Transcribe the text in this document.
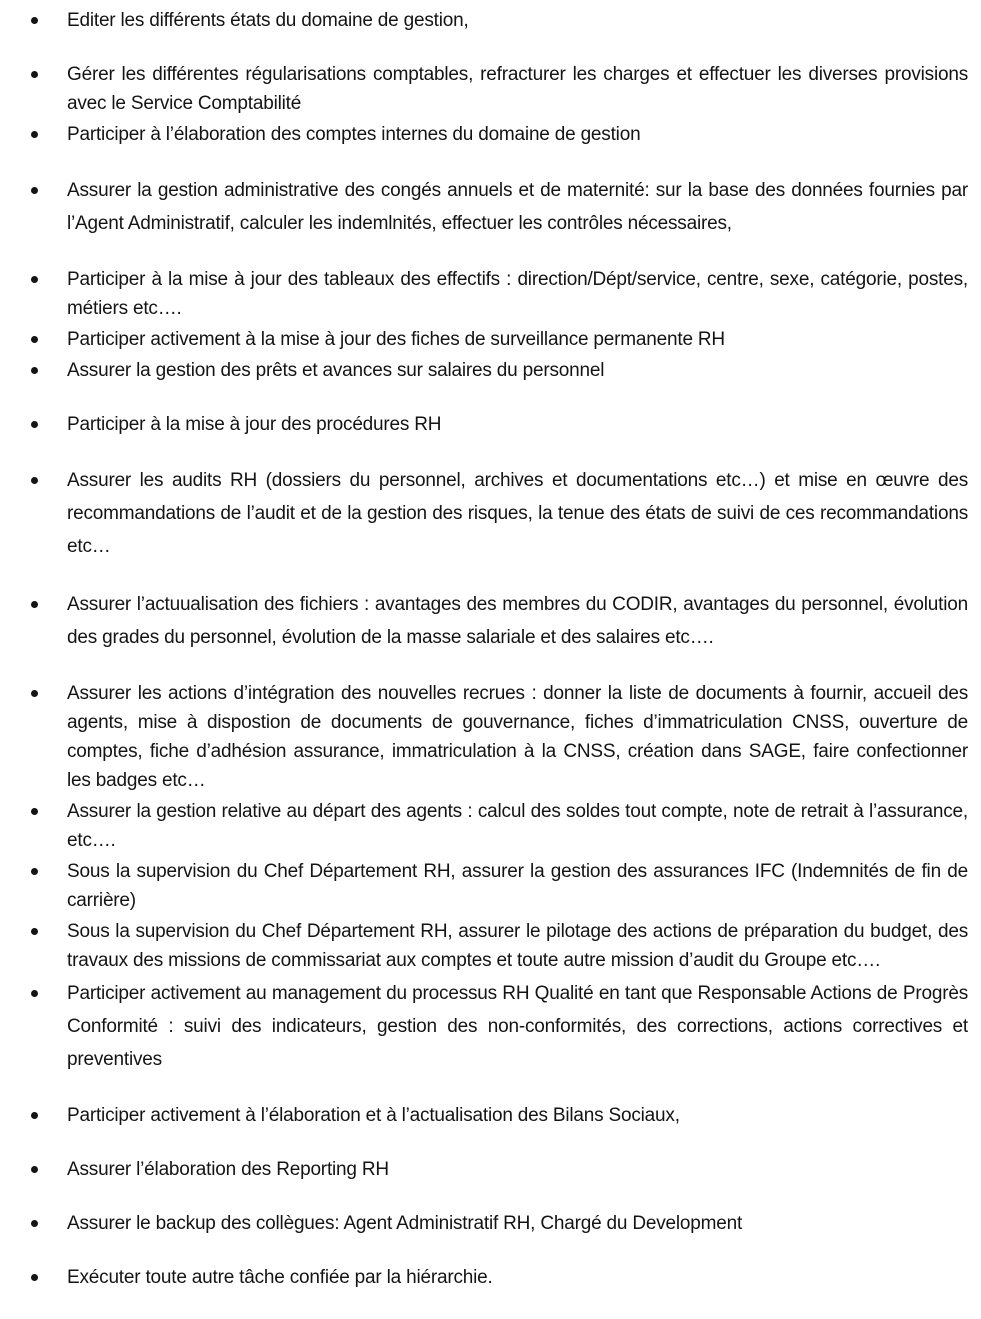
Editer les différents états du domaine de gestion,
Gérer les différentes régularisations comptables, refracturer les charges et effectuer les diverses provisions avec le Service Comptabilité
Participer à l’élaboration des comptes internes du domaine de gestion
Assurer la gestion administrative des congés annuels et de maternité: sur la base des données fournies par l’Agent Administratif, calculer les indemlnités, effectuer les contrôles nécessaires,
Participer à la mise à jour des tableaux des effectifs : direction/Dépt/service, centre, sexe, catégorie, postes, métiers etc….
Participer activement à la mise à jour des fiches de surveillance permanente RH
Assurer la gestion des prêts et avances sur salaires du personnel
Participer à la mise à jour des procédures RH
Assurer les audits RH (dossiers du personnel, archives et documentations etc…) et mise en œuvre des recommandations de l’audit et de la gestion des risques, la tenue des états de suivi de ces recommandations etc…
Assurer l’actuualisation des fichiers : avantages des membres du CODIR, avantages du personnel, évolution des grades du personnel, évolution de la masse salariale et des salaires etc….
Assurer les actions d’intégration des nouvelles recrues : donner la liste de documents à fournir, accueil des agents, mise à dispostion de documents de gouvernance, fiches d’immatriculation CNSS, ouverture de comptes, fiche d’adhésion assurance, immatriculation à la CNSS, création dans SAGE, faire confectionner les badges etc…
Assurer la gestion relative au départ des agents : calcul des soldes tout compte, note de retrait à l’assurance, etc….
Sous la supervision du Chef Département RH, assurer la gestion des assurances IFC (Indemnités de fin de carrière)
Sous la supervision du Chef Département RH, assurer le pilotage des actions de préparation du budget, des travaux des missions de commissariat aux comptes et toute autre mission d’audit du Groupe etc….
Participer activement au management du processus RH Qualité en tant que Responsable Actions de Progrès Conformité : suivi des indicateurs, gestion des non-conformités, des corrections, actions correctives et preventives
Participer activement à l’élaboration et à l’actualisation des Bilans Sociaux,
Assurer l’élaboration des Reporting RH
Assurer le backup des collègues: Agent Administratif RH, Chargé du Development
Exécuter toute autre tâche confiée par la hiérarchie.
